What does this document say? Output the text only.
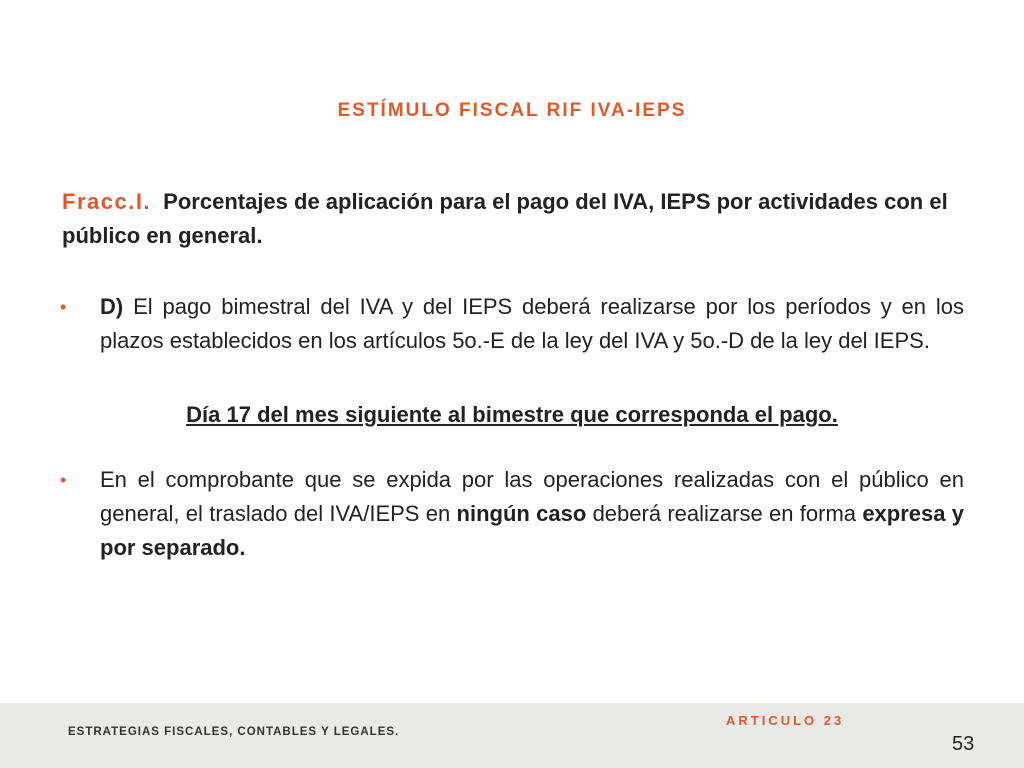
ESTÍMULO FISCAL RIF IVA-IEPS
Fracc.I. Porcentajes de aplicación para el pago del IVA, IEPS por actividades con el público en general.
• D) El pago bimestral del IVA y del IEPS deberá realizarse por los períodos y en los plazos establecidos en los artículos 5o.-E de la ley del IVA y 5o.-D de la ley del IEPS.
Día 17 del mes siguiente al bimestre que corresponda el pago.
• En el comprobante que se expida por las operaciones realizadas con el público en general, el traslado del IVA/IEPS en ningún caso deberá realizarse en forma expresa y por separado.
ESTRATEGIAS FISCALES, CONTABLES Y LEGALES.
ARTICULO 23
53
